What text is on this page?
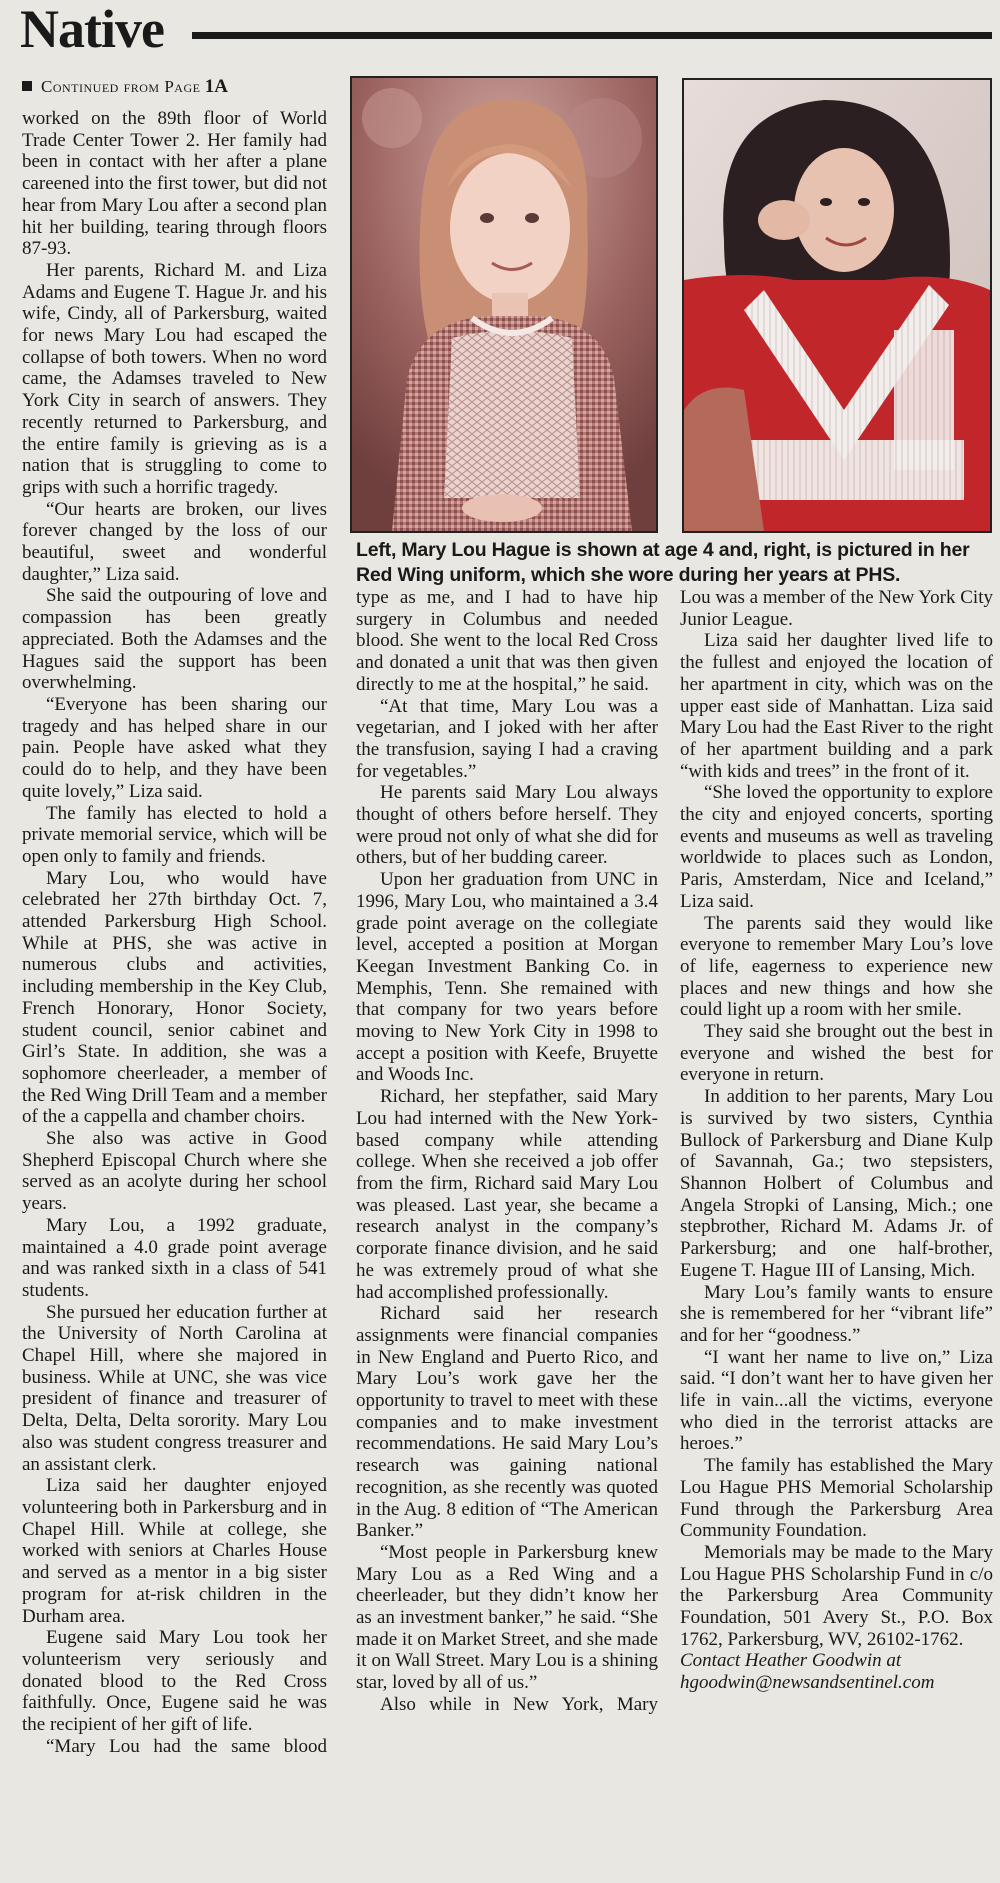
Native
Continued from Page 1A
Left, Mary Lou Hague is shown at age 4 and, right, is pictured in her
Red Wing uniform, which she wore during her years at PHS.

worked on the 89th floor of World Trade Center Tower 2. Her family had been in contact with her after a plane careened into the first tower, but did not hear from Mary Lou after a second plan hit her building, tearing through floors 87-93.

Her parents, Richard M. and Liza Adams and Eugene T. Hague Jr. and his wife, Cindy, all of Parkersburg, waited for news Mary Lou had escaped the collapse of both towers. When no word came, the Adamses traveled to New York City in search of answers. They recently returned to Parkersburg, and the entire family is grieving as is a nation that is struggling to come to grips with such a horrific tragedy.

“Our hearts are broken, our lives forever changed by the loss of our beautiful, sweet and wonderful daughter,” Liza said.

She said the outpouring of love and compassion has been greatly appreciated. Both the Adamses and the Hagues said the support has been overwhelming.

“Everyone has been sharing our tragedy and has helped share in our pain. People have asked what they could do to help, and they have been quite lovely,” Liza said.

The family has elected to hold a private memorial service, which will be open only to family and friends.

Mary Lou, who would have celebrated her 27th birthday Oct. 7, attended Parkersburg High School. While at PHS, she was active in numerous clubs and activities, including membership in the Key Club, French Honorary, Honor Society, student council, senior cabinet and Girl’s State. In addition, she was a sophomore cheerleader, a member of the Red Wing Drill Team and a member of the a cappella and chamber choirs.

She also was active in Good Shepherd Episcopal Church where she served as an acolyte during her school years.

Mary Lou, a 1992 graduate, maintained a 4.0 grade point average and was ranked sixth in a class of 541 students.

She pursued her education further at the University of North Carolina at Chapel Hill, where she majored in business. While at UNC, she was vice president of finance and treasurer of Delta, Delta, Delta sorority. Mary Lou also was student congress treasurer and an assistant clerk.

Liza said her daughter enjoyed volunteering both in Parkersburg and in Chapel Hill. While at college, she worked with seniors at Charles House and served as a mentor in a big sister program for at-risk children in the Durham area.

Eugene said Mary Lou took her volunteerism very seriously and donated blood to the Red Cross faithfully. Once, Eugene said he was the recipient of her gift of life.

“Mary Lou had the same blood

type as me, and I had to have hip surgery in Columbus and needed blood. She went to the local Red Cross and donated a unit that was then given directly to me at the hospital,” he said.

“At that time, Mary Lou was a vegetarian, and I joked with her after the transfusion, saying I had a craving for vegetables.”

He parents said Mary Lou always thought of others before herself. They were proud not only of what she did for others, but of her budding career.

Upon her graduation from UNC in 1996, Mary Lou, who maintained a 3.4 grade point average on the collegiate level, accepted a position at Morgan Keegan Investment Banking Co. in Memphis, Tenn. She remained with that company for two years before moving to New York City in 1998 to accept a position with Keefe, Bruyette and Woods Inc.

Richard, her stepfather, said Mary Lou had interned with the New York-based company while attending college. When she received a job offer from the firm, Richard said Mary Lou was pleased. Last year, she became a research analyst in the company’s corporate finance division, and he said he was extremely proud of what she had accomplished professionally.

Richard said her research assignments were financial companies in New England and Puerto Rico, and Mary Lou’s work gave her the opportunity to travel to meet with these companies and to make investment recommendations. He said Mary Lou’s research was gaining national recognition, as she recently was quoted in the Aug. 8 edition of “The American Banker.”

“Most people in Parkersburg knew Mary Lou as a Red Wing and a cheerleader, but they didn’t know her as an investment banker,” he said. “She made it on Market Street, and she made it on Wall Street. Mary Lou is a shining star, loved by all of us.”

Also while in New York, Mary

Lou was a member of the New York City Junior League.

Liza said her daughter lived life to the fullest and enjoyed the location of her apartment in city, which was on the upper east side of Manhattan. Liza said Mary Lou had the East River to the right of her apartment building and a park “with kids and trees” in the front of it.

“She loved the opportunity to explore the city and enjoyed concerts, sporting events and museums as well as traveling worldwide to places such as London, Paris, Amsterdam, Nice and Iceland,” Liza said.

The parents said they would like everyone to remember Mary Lou’s love of life, eagerness to experience new places and new things and how she could light up a room with her smile.

They said she brought out the best in everyone and wished the best for everyone in return.

In addition to her parents, Mary Lou is survived by two sisters, Cynthia Bullock of Parkersburg and Diane Kulp of Savannah, Ga.; two stepsisters, Shannon Holbert of Columbus and Angela Stropki of Lansing, Mich.; one stepbrother, Richard M. Adams Jr. of Parkersburg; and one half-brother, Eugene T. Hague III of Lansing, Mich.

Mary Lou’s family wants to ensure she is remembered for her “vibrant life” and for her “goodness.”

“I want her name to live on,” Liza said. “I don’t want her to have given her life in vain...all the victims, everyone who died in the terrorist attacks are heroes.”

The family has established the Mary Lou Hague PHS Memorial Scholarship Fund through the Parkersburg Area Community Foundation.

Memorials may be made to the Mary Lou Hague PHS Scholarship Fund in c/o the Parkersburg Area Community Foundation, 501 Avery St., P.O. Box 1762, Parkersburg, WV, 26102-1762.

Contact Heather Goodwin at
hgoodwin@newsandsentinel.com
